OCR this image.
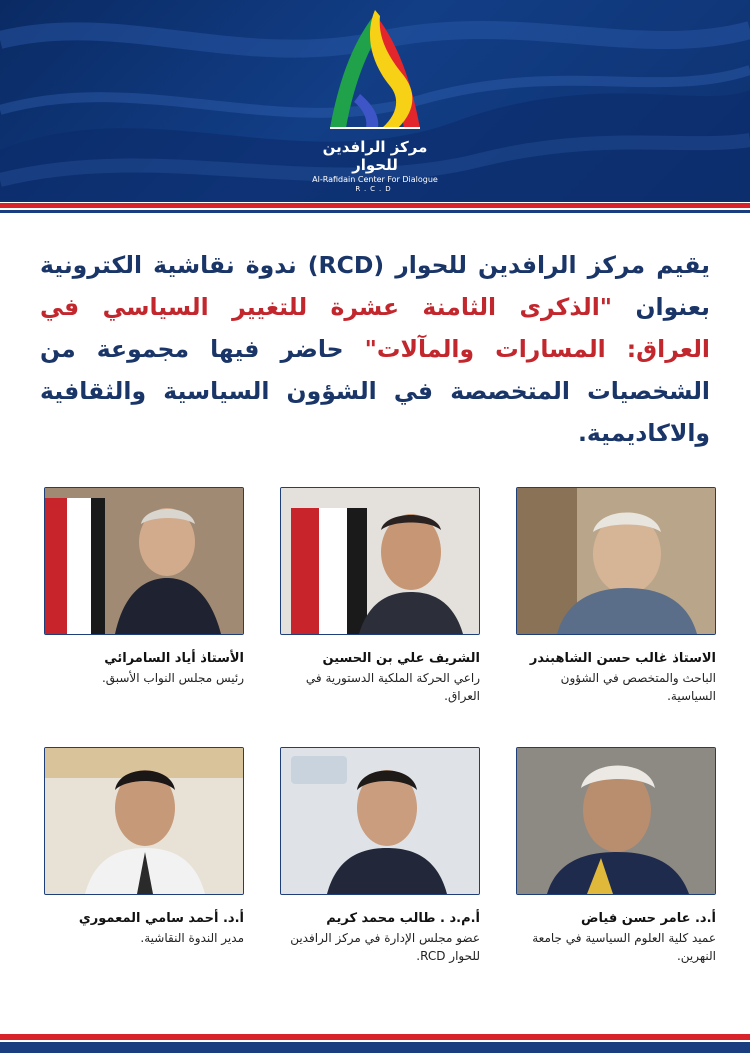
مركز الرافدين للحوار
Al-Rafidain Center For Dialogue
R.C.D
يقيم مركز الرافدين للحوار (RCD) ندوة نقاشية الكترونية بعنوان "الذكرى الثامنة عشرة للتغيير السياسي في العراق: المسارات والمآلات" حاضر فيها مجموعة من الشخصيات المتخصصة في الشؤون السياسية والثقافية والاكاديمية.
الاستاذ غالب حسن الشاهبندر
الباحث والمتخصص في الشؤون السياسية.
الشريف علي بن الحسين
راعي الحركة الملكية الدستورية في العراق.
الأستاذ أياد السامرائي
رئيس مجلس النواب الأسبق.
أ.د. عامر حسن فياض
عميد كلية العلوم السياسية في جامعة النهرين.
أ.م.د . طالب محمد كريم
عضو مجلس الإدارة في مركز الرافدين للحوار RCD.
أ.د. أحمد سامي المعموري
مدير الندوة النقاشية.
